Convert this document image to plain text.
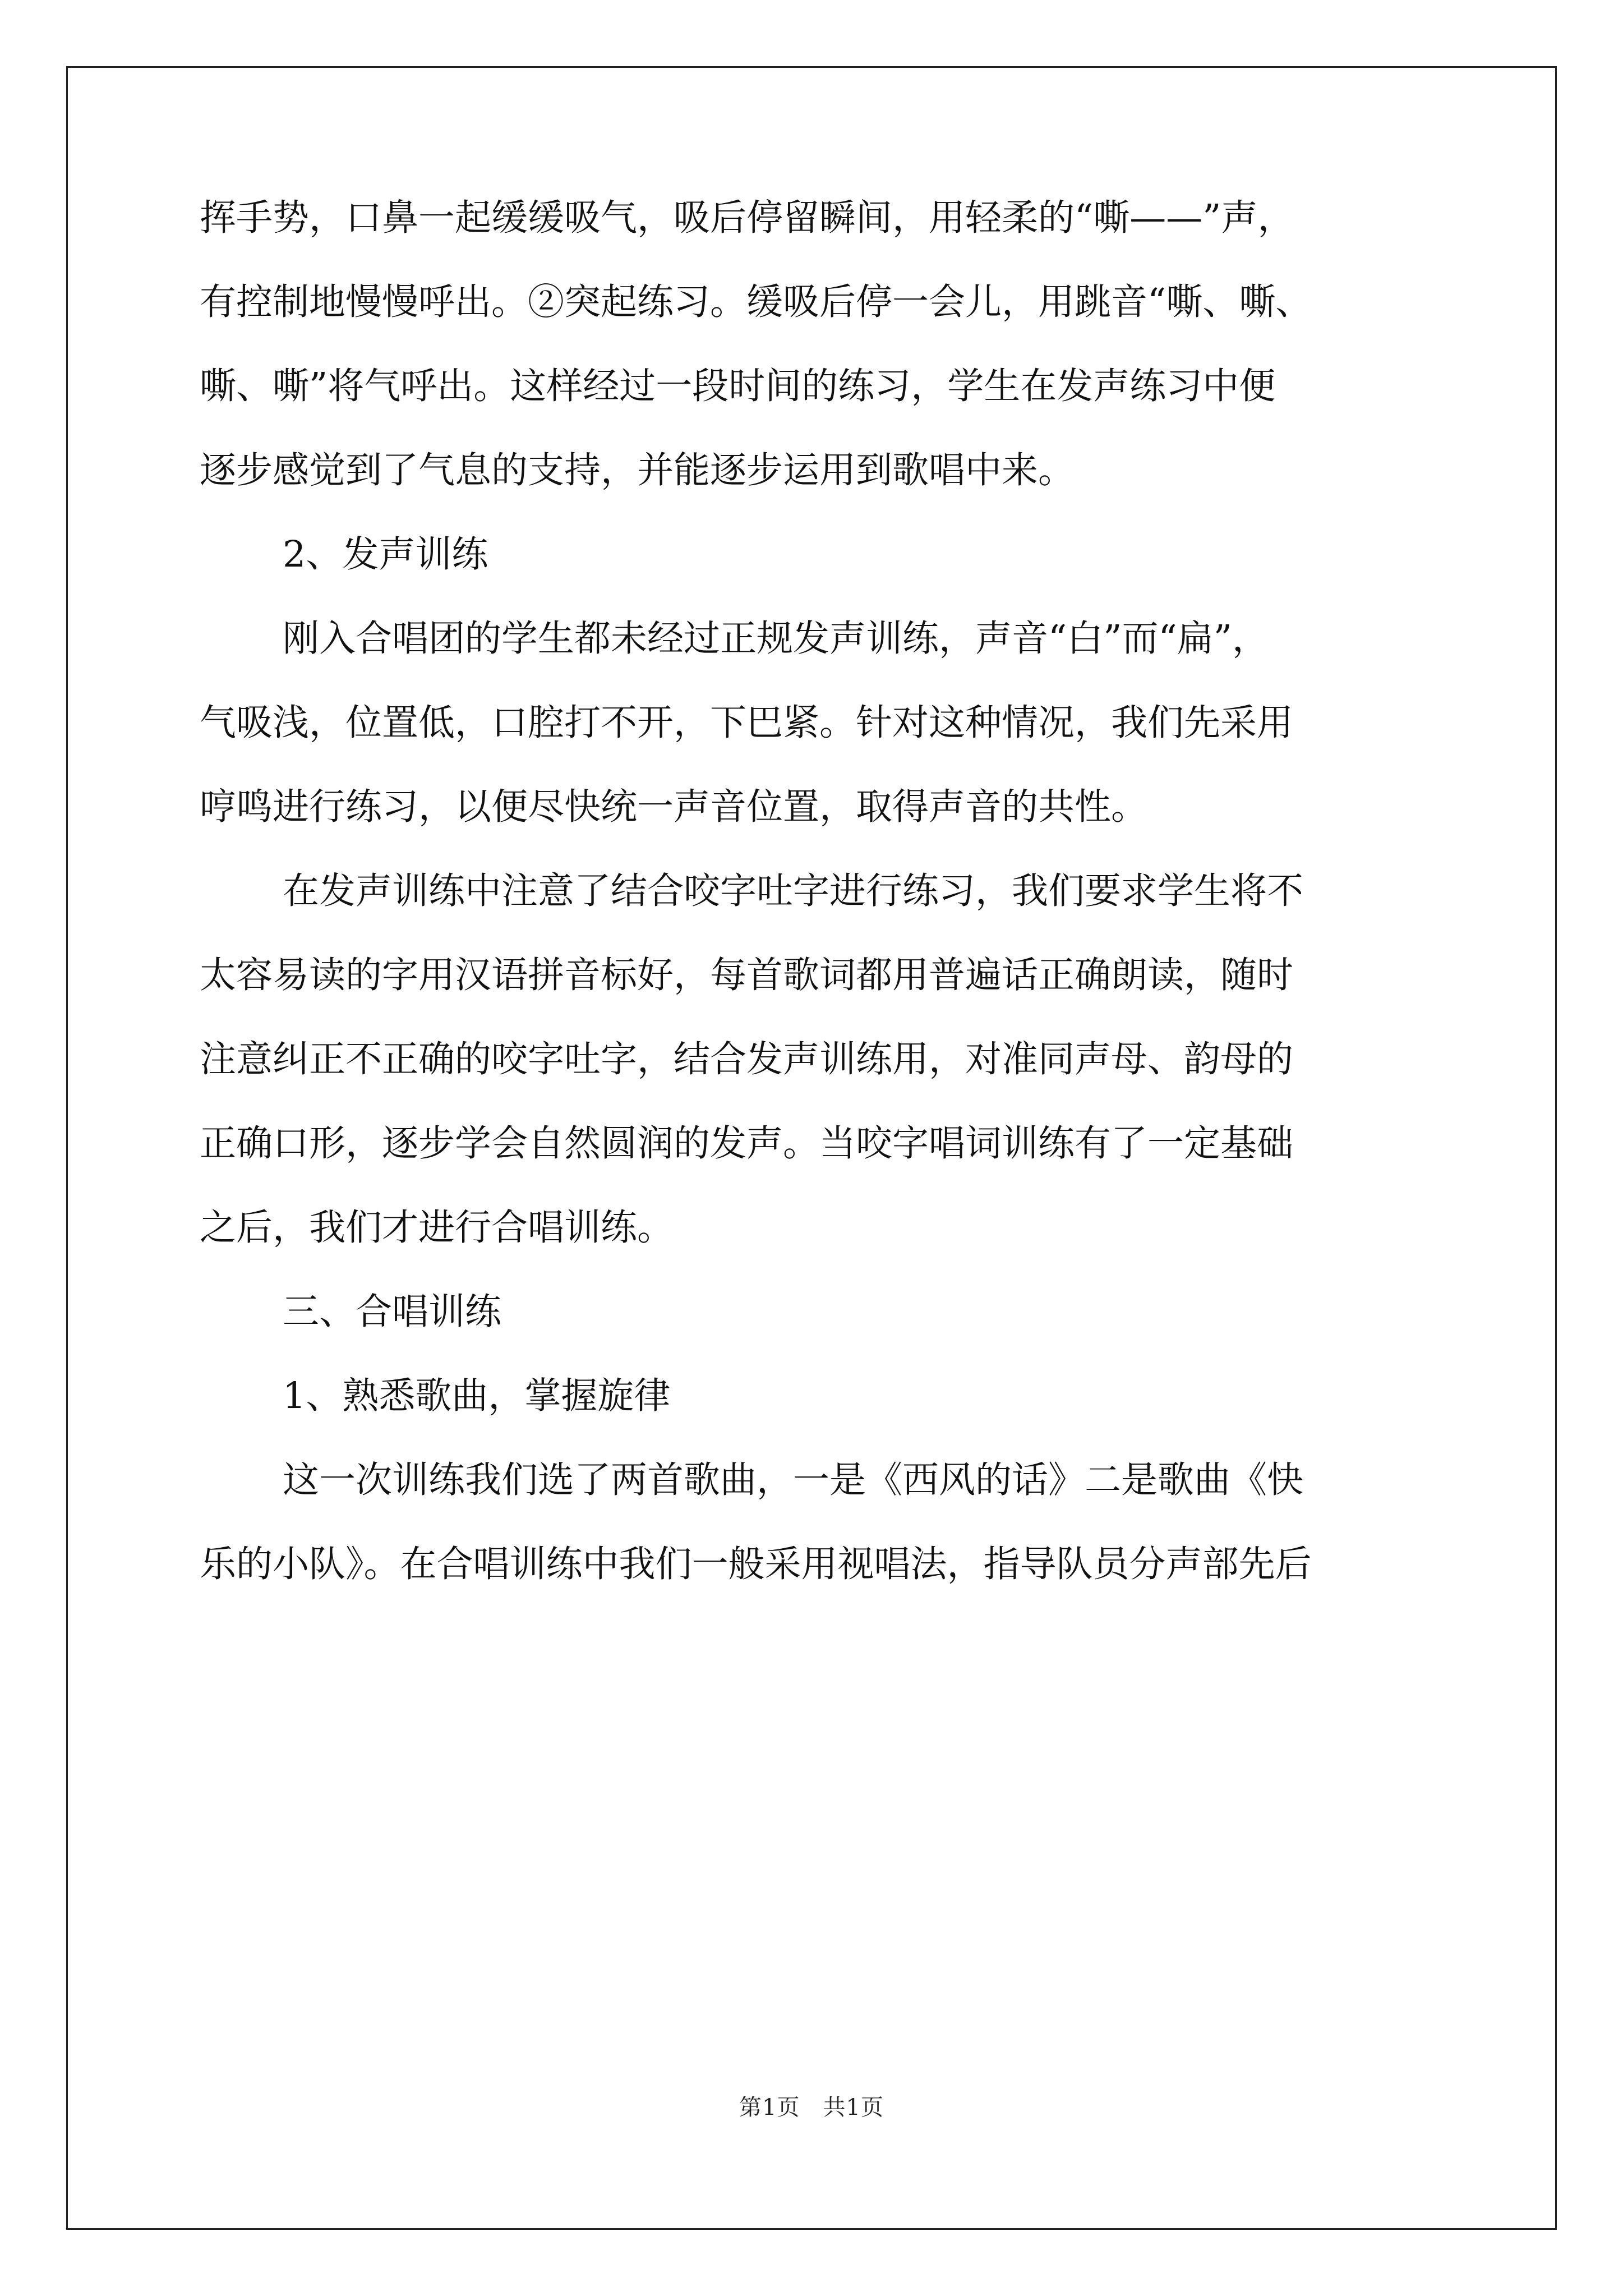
挥手势，口鼻一起缓缓吸气，吸后停留瞬间，用轻柔的“嘶——”声，
有控制地慢慢呼出。②突起练习。缓吸后停一会儿，用跳音“嘶、嘶、
嘶、嘶”将气呼出。这样经过一段时间的练习，学生在发声练习中便
逐步感觉到了气息的支持，并能逐步运用到歌唱中来。
2、发声训练
刚入合唱团的学生都未经过正规发声训练，声音“白”而“扁”，
气吸浅，位置低，口腔打不开，下巴紧。针对这种情况，我们先采用
哼鸣进行练习，以便尽快统一声音位置，取得声音的共性。
在发声训练中注意了结合咬字吐字进行练习，我们要求学生将不
太容易读的字用汉语拼音标好，每首歌词都用普遍话正确朗读，随时
注意纠正不正确的咬字吐字，结合发声训练用，对准同声母、韵母的
正确口形，逐步学会自然圆润的发声。当咬字唱词训练有了一定基础
之后，我们才进行合唱训练。
三、合唱训练
1、熟悉歌曲，掌握旋律
这一次训练我们选了两首歌曲，一是《西风的话》二是歌曲《快
乐的小队》。在合唱训练中我们一般采用视唱法，指导队员分声部先后
第1页　共1页
